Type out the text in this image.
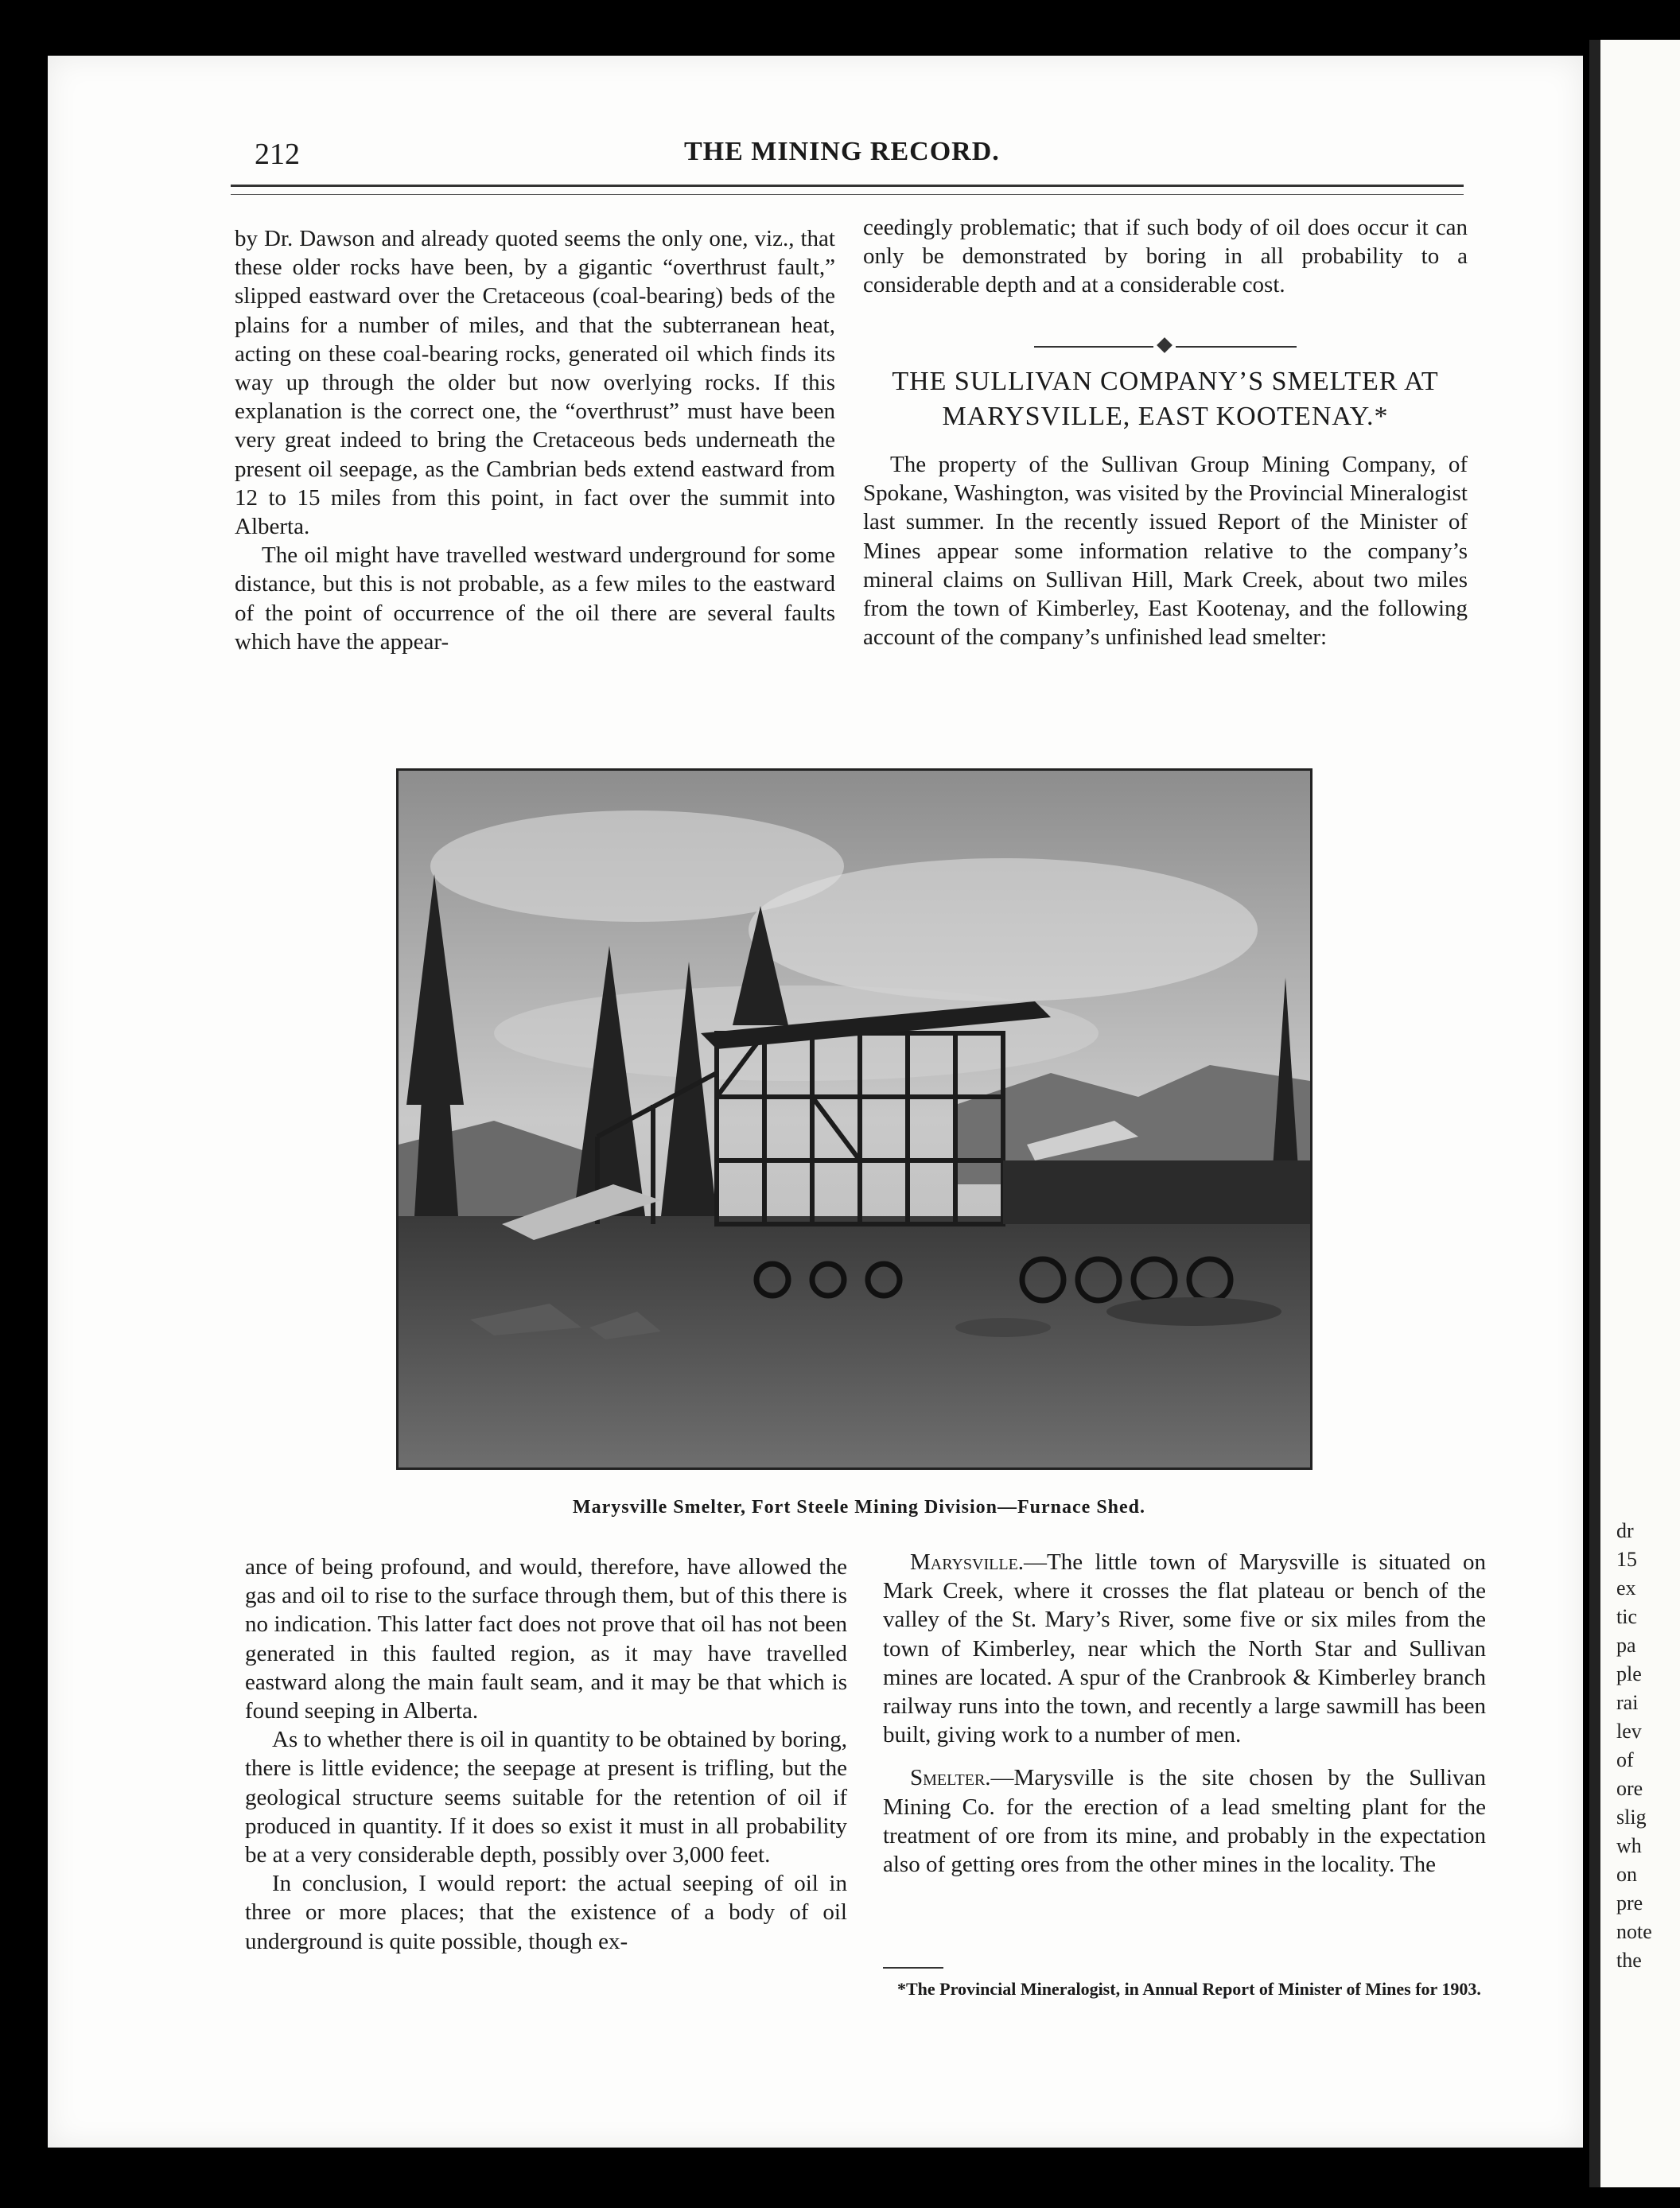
dr
15
ex
tic
pa
ple
rai
lev
of
ore
slig
wh
on
pre
note
the
212	THE MINING RECORD.

by Dr. Dawson and already quoted seems the only one, viz., that these older rocks have been, by a gigantic “overthrust fault,” slipped eastward over the Cretaceous (coal-bearing) beds of the plains for a number of miles, and that the subterranean heat, acting on these coal-bearing rocks, generated oil which finds its way up through the older but now overlying rocks. If this explanation is the correct one, the “overthrust” must have been very great indeed to bring the Cretaceous beds underneath the present oil seepage, as the Cambrian beds extend eastward from 12 to 15 miles from this point, in fact over the summit into Alberta.

The oil might have travelled westward underground for some distance, but this is not probable, as a few miles to the eastward of the point of occurrence of the oil there are several faults which have the appear-

ceedingly problematic; that if such body of oil does occur it can only be demonstrated by boring in all probability to a considerable depth and at a considerable cost.

THE SULLIVAN COMPANY’S SMELTER AT
MARYSVILLE, EAST KOOTENAY.*

The property of the Sullivan Group Mining Company, of Spokane, Washington, was visited by the Provincial Mineralogist last summer. In the recently issued Report of the Minister of Mines appear some information relative to the company’s mineral claims on Sullivan Hill, Mark Creek, about two miles from the town of Kimberley, East Kootenay, and the following account of the company’s unfinished lead smelter:

Marysville Smelter, Fort Steele Mining Division—Furnace Shed.

ance of being profound, and would, therefore, have allowed the gas and oil to rise to the surface through them, but of this there is no indication. This latter fact does not prove that oil has not been generated in this faulted region, as it may have travelled eastward along the main fault seam, and it may be that which is found seeping in Alberta.

As to whether there is oil in quantity to be obtained by boring, there is little evidence; the seepage at present is trifling, but the geological structure seems suitable for the retention of oil if produced in quantity. If it does so exist it must in all probability be at a very considerable depth, possibly over 3,000 feet.

In conclusion, I would report: the actual seeping of oil in three or more places; that the existence of a body of oil underground is quite possible, though ex-

Marysville.—The little town of Marysville is situated on Mark Creek, where it crosses the flat plateau or bench of the valley of the St. Mary’s River, some five or six miles from the town of Kimberley, near which the North Star and Sullivan mines are located. A spur of the Cranbrook & Kimberley branch railway runs into the town, and recently a large sawmill has been built, giving work to a number of men.

Smelter.—Marysville is the site chosen by the Sullivan Mining Co. for the erection of a lead smelting plant for the treatment of ore from its mine, and probably in the expectation also of getting ores from the other mines in the locality. The

*The Provincial Mineralogist, in Annual Report of Minister of Mines for 1903.
